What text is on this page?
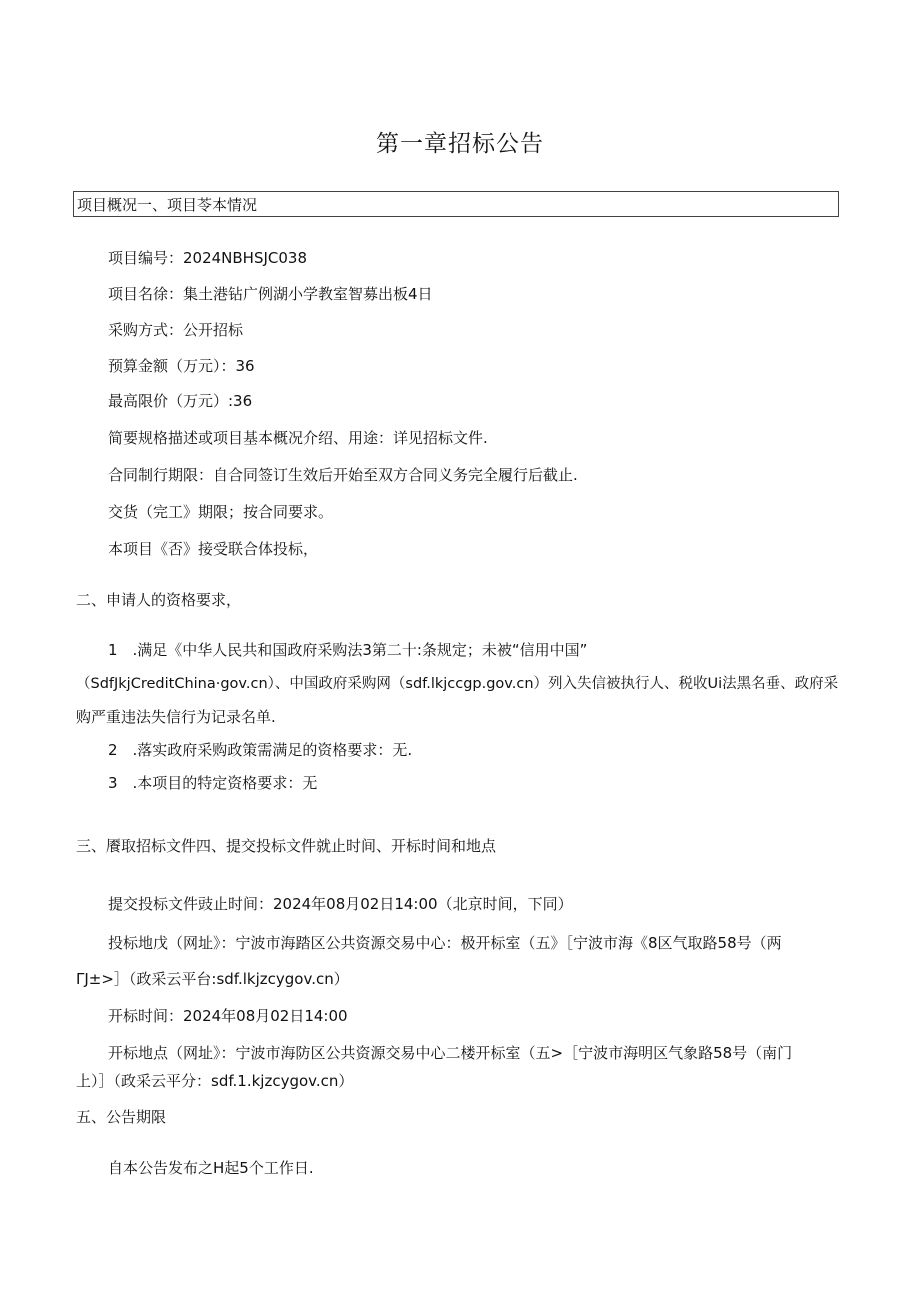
第一章招标公告
项目概况一、项目苓本情况
项目编号：2024NBHSJC038
项目名徐：集土港钻广例湖小学教室智募出板4日
采购方式：公开招标
预算金额（万元）：36
最高限价（万元）:36
简要规格描述或项目基本概况介绍、用途：详见招标文件.
合同制行期限：自合同签订生效后开始至双方合同义务完全履行后截止.
交货（完工》期限；按合同要求。
本项目《否》接受联合体投标，
二、申请人的资格要求，
1　.满足《中华人民共和国政府采购法3第二十:条规定；未被“信用中国”
（SdfJkjCreditChina·gov.cn）、中国政府采购网（sdf.lkjccgp.gov.cn）列入失信被执行人、税收Ui法黑名垂、政府采
购严重违法失信行为记录名单.
2　.落实政府采购政策需满足的资格要求：无.
3　.本项目的特定资格要求：无
三、餍取招标文件四、提交投标文件就止时间、开标时间和地点
提交投标文件豉止时间：2024年08月02日14:00（北京时间，下同）
投标地戊（网址》：宁波市海踏区公共资源交易中心：极开标室（五》［宁波市海《8区气取路58号（两
ΓJ±>］（政采云平台:sdf.lkjzcygov.cn）
开标时间：2024年08月02日14:00
开标地点（网址》：宁波市海防区公共资源交易中心二楼开标室（五>［宁波市海明区气象路58号（南门
上）］（政采云平分：sdf.1.kjzcygov.cn）
五、公告期限
自本公告发布之H起5个工作日.
